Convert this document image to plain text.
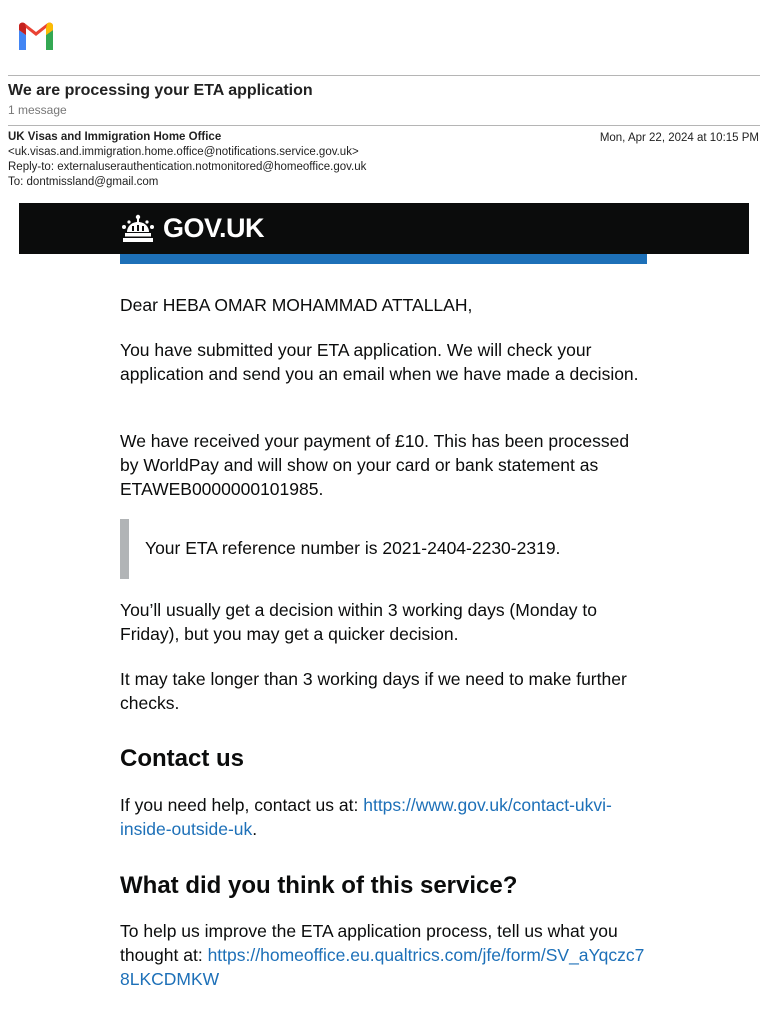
We are processing your ETA application
1 message
UK Visas and Immigration Home Office
<uk.visas.and.immigration.home.office@notifications.service.gov.uk>
Reply-to: externaluserauthentication.notmonitored@homeoffice.gov.uk
To: dontmissland@gmail.com
Mon, Apr 22, 2024 at 10:15 PM
GOV.UK
Dear HEBA OMAR MOHAMMAD ATTALLAH,
You have submitted your ETA application. We will check your application and send you an email when we have made a decision.
We have received your payment of £10. This has been processed by WorldPay and will show on your card or bank statement as ETAWEB0000000101985.
Your ETA reference number is 2021-2404-2230-2319.
You’ll usually get a decision within 3 working days (Monday to Friday), but you may get a quicker decision.
It may take longer than 3 working days if we need to make further checks.
Contact us
If you need help, contact us at: https://www.gov.uk/contact-ukvi-inside-outside-uk.
What did you think of this service?
To help us improve the ETA application process, tell us what you thought at: https://homeoffice.eu.qualtrics.com/jfe/form/SV_aYqczc78LKCDMKW
